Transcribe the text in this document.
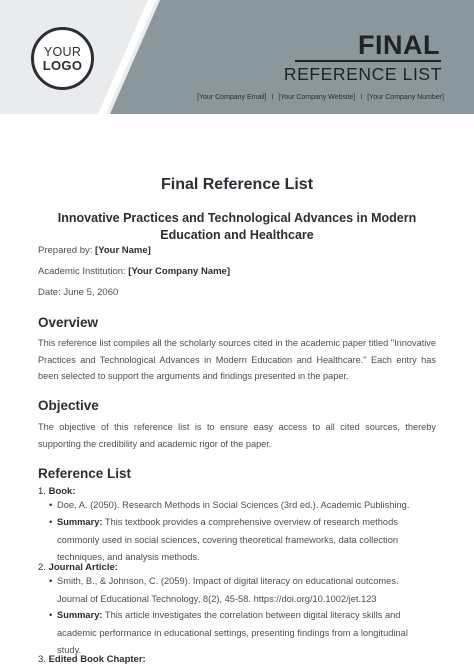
YOUR
LOGO
FINAL
REFERENCE LIST
[Your Company Email] I [Your Company Website] I [Your Company Number]
Final Reference List
Innovative Practices and Technological Advances in Modern Education and Healthcare
Prepared by: [Your Name]
Academic Institution: [Your Company Name]
Date: June 5, 2060
Overview
This reference list compiles all the scholarly sources cited in the academic paper titled "Innovative Practices and Technological Advances in Modern Education and Healthcare." Each entry has been selected to support the arguments and findings presented in the paper.
Objective
The objective of this reference list is to ensure easy access to all cited sources, thereby supporting the credibility and academic rigor of the paper.
Reference List
1. Book:
• Doe, A. (2050). Research Methods in Social Sciences (3rd ed.). Academic Publishing.
• Summary: This textbook provides a comprehensive overview of research methods commonly used in social sciences, covering theoretical frameworks, data collection techniques, and analysis methods.
2. Journal Article:
• Smith, B., & Johnson, C. (2059). Impact of digital literacy on educational outcomes. Journal of Educational Technology, 8(2), 45-58. https://doi.org/10.1002/jet.123
• Summary: This article investigates the correlation between digital literacy skills and academic performance in educational settings, presenting findings from a longitudinal study.
3. Edited Book Chapter:
